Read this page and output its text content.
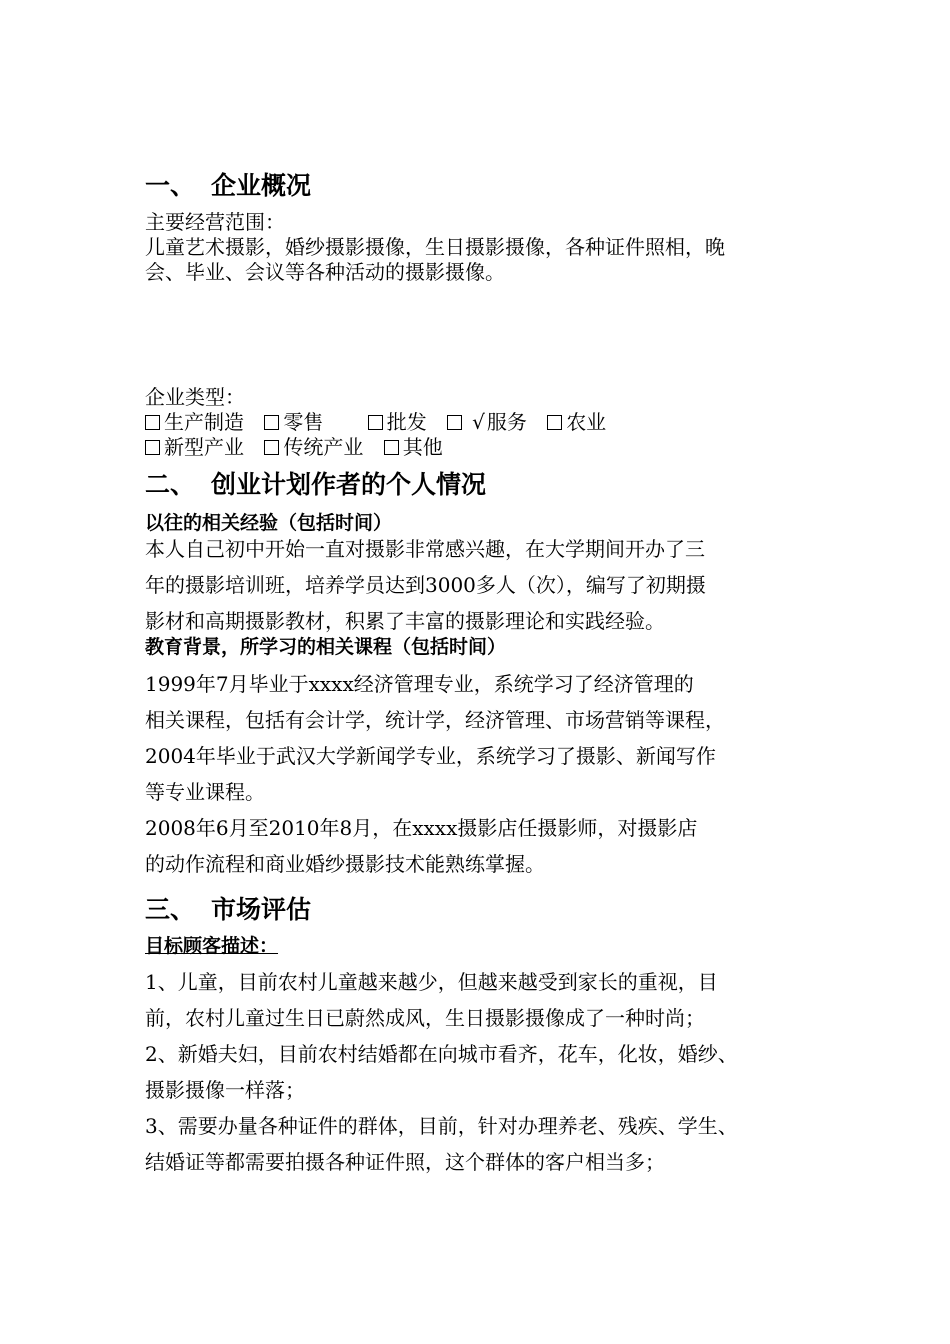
一、 企业概况
主要经营范围：
儿童艺术摄影，婚纱摄影摄像，生日摄影摄像，各种证件照相，晚
会、毕业、会议等各种活动的摄影摄像。
企业类型：
生产制造 零售	批发 √ 服务 农业
新型产业 传统产业 其他
二、 创业计划作者的个人情况
以往的相关经验（包括时间）
本人自己初中开始一直对摄影非常感兴趣，在大学期间开办了三
年的摄影培训班，培养学员达到3000多人（次），编写了初期摄
影材和高期摄影教材，积累了丰富的摄影理论和实践经验。
教育背景，所学习的相关课程（包括时间）
1999年7月毕业于xxxx经济管理专业，系统学习了经济管理的
相关课程，包括有会计学，统计学，经济管理、市场营销等课程，
2004年毕业于武汉大学新闻学专业，系统学习了摄影、新闻写作
等专业课程。
2008年6月至2010年8月，在xxxx摄影店任摄影师，对摄影店
的动作流程和商业婚纱摄影技术能熟练掌握。
三、 市场评估
目标顾客描述：
1、儿童，目前农村儿童越来越少，但越来越受到家长的重视，目
前，农村儿童过生日已蔚然成风，生日摄影摄像成了一种时尚；
2、新婚夫妇，目前农村结婚都在向城市看齐，花车，化妆，婚纱、
摄影摄像一样落；
3、需要办量各种证件的群体，目前，针对办理养老、残疾、学生、
结婚证等都需要拍摄各种证件照，这个群体的客户相当多；
